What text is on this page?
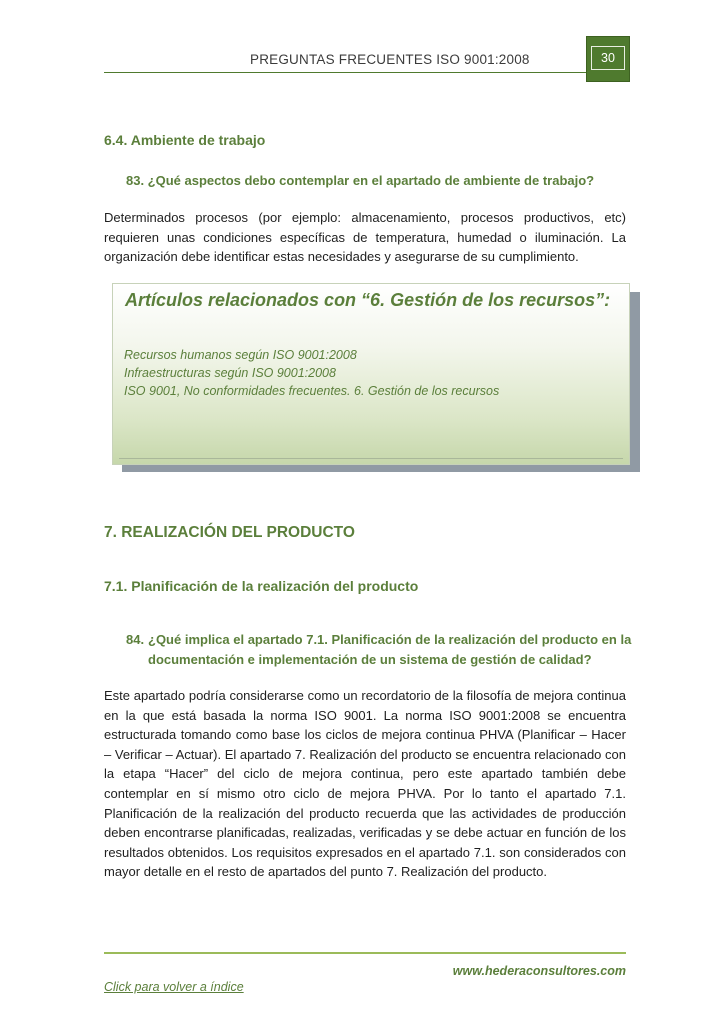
PREGUNTAS FRECUENTES ISO 9001:2008	30
6.4. Ambiente de trabajo
83. ¿Qué aspectos debo contemplar en el apartado de ambiente de trabajo?
Determinados procesos (por ejemplo: almacenamiento, procesos productivos, etc) requieren unas condiciones específicas de temperatura, humedad o iluminación. La organización debe identificar estas necesidades y asegurarse de su cumplimiento.
Artículos relacionados con “6. Gestión de los recursos”:
Recursos humanos según ISO 9001:2008
Infraestructuras según ISO 9001:2008
ISO 9001, No conformidades frecuentes. 6. Gestión de los recursos
7. REALIZACIÓN DEL PRODUCTO
7.1. Planificación de la realización del producto
84. ¿Qué implica el apartado 7.1. Planificación de la realización del producto en la
documentación e implementación de un sistema de gestión de calidad?
Este apartado podría considerarse como un recordatorio de la filosofía de mejora continua en la que está basada la norma ISO 9001. La norma ISO 9001:2008 se encuentra estructurada tomando como base los ciclos de mejora continua PHVA (Planificar – Hacer – Verificar – Actuar). El apartado 7. Realización del producto se encuentra relacionado con la etapa “Hacer” del ciclo de mejora continua, pero este apartado también debe contemplar en sí mismo otro ciclo de mejora PHVA. Por lo tanto el apartado 7.1. Planificación de la realización del producto recuerda que las actividades de producción deben encontrarse planificadas, realizadas, verificadas y se debe actuar en función de los resultados obtenidos. Los requisitos expresados en el apartado 7.1. son considerados con mayor detalle en el resto de apartados del punto 7. Realización del producto.
www.hederaconsultores.com
Click para volver a índice
